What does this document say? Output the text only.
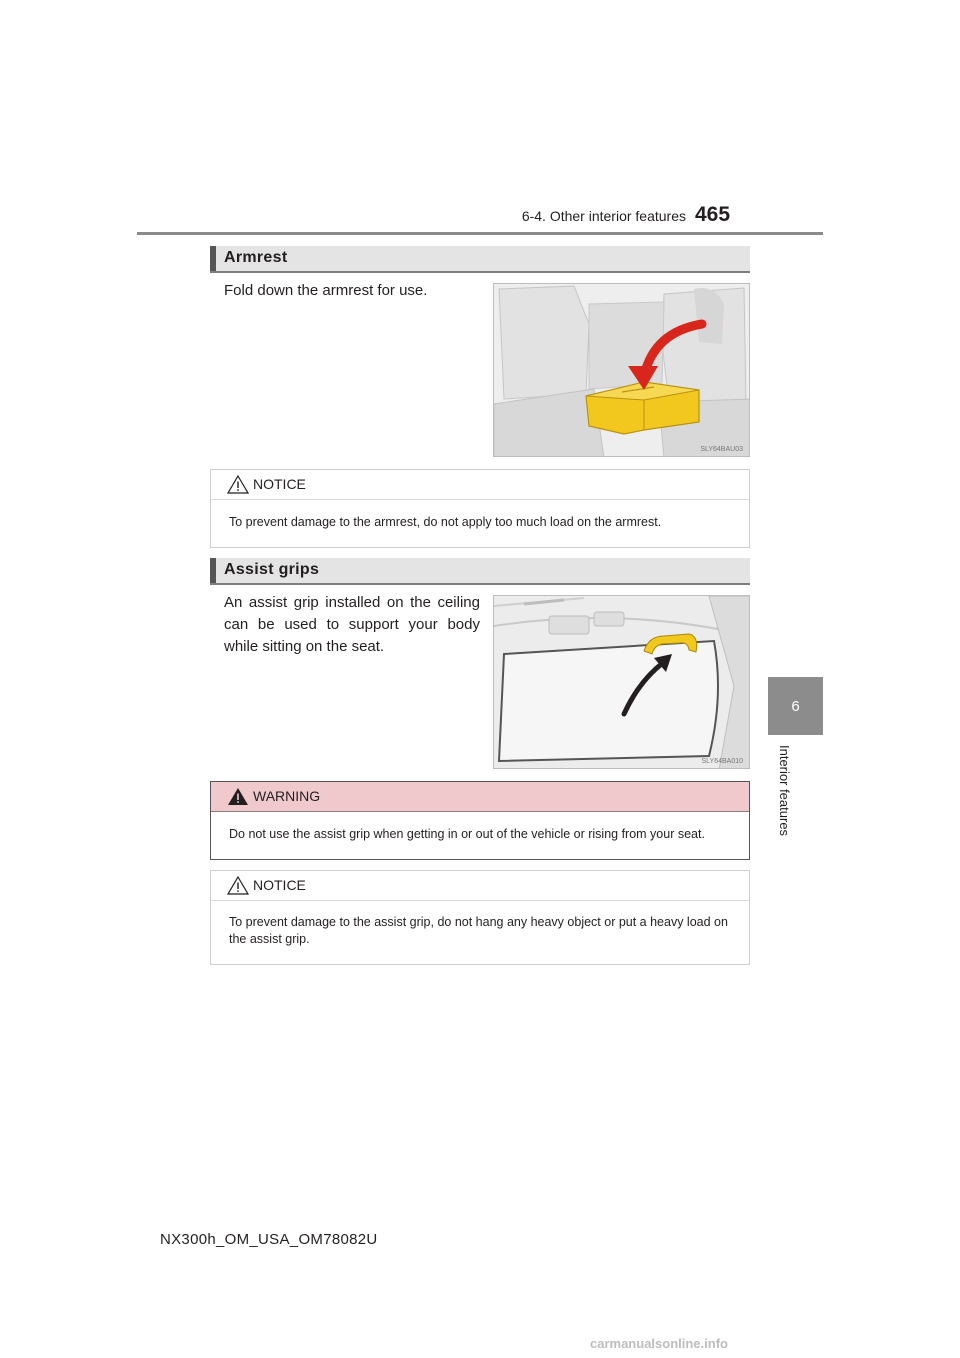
6-4. Other interior features 465
6
Interior features
Armrest
Fold down the armrest for use.
SLY64BAU03
NOTICE
To prevent damage to the armrest, do not apply too much load on the armrest.
Assist grips
An assist grip installed on the ceiling can be used to support your body while sitting on the seat.
SLY64BA010
WARNING
Do not use the assist grip when getting in or out of the vehicle or rising from your seat.
NOTICE
To prevent damage to the assist grip, do not hang any heavy object or put a heavy load on the assist grip.
NX300h_OM_USA_OM78082U
carmanualsonline.info
